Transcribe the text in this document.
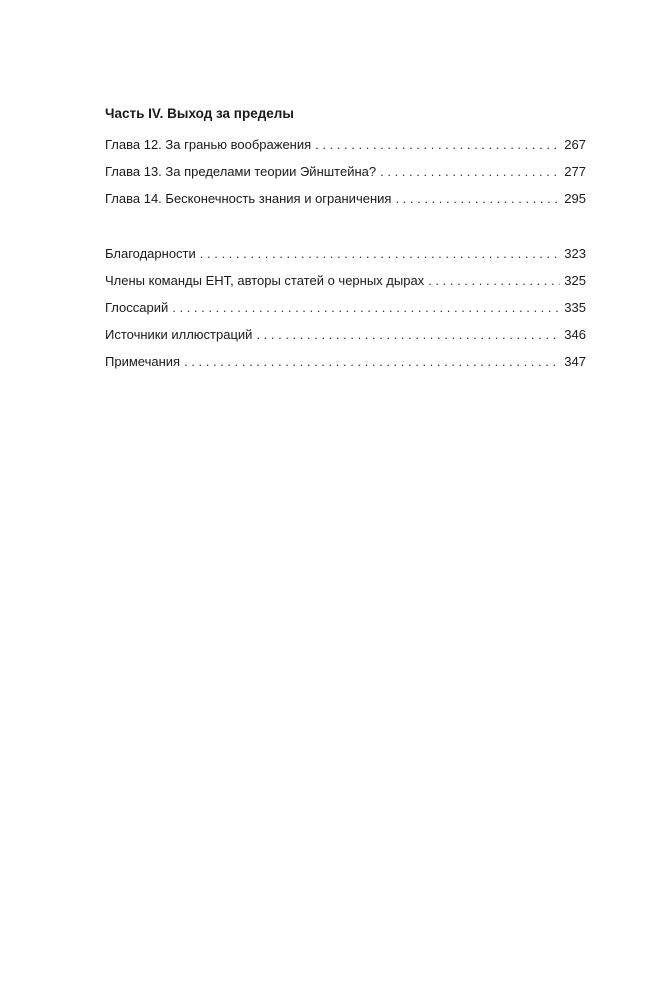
Часть IV. Выход за пределы
Глава 12. За гранью воображения . . .	267
Глава 13. За пределами теории Эйнштейна? . . .	277
Глава 14. Бесконечность знания и ограничения . . .	295
Благодарности . . .	323
Члены команды ЕНТ, авторы статей о черных дырах . . .	325
Глоссарий . . .	335
Источники иллюстраций . . .	346
Примечания . . .	347
